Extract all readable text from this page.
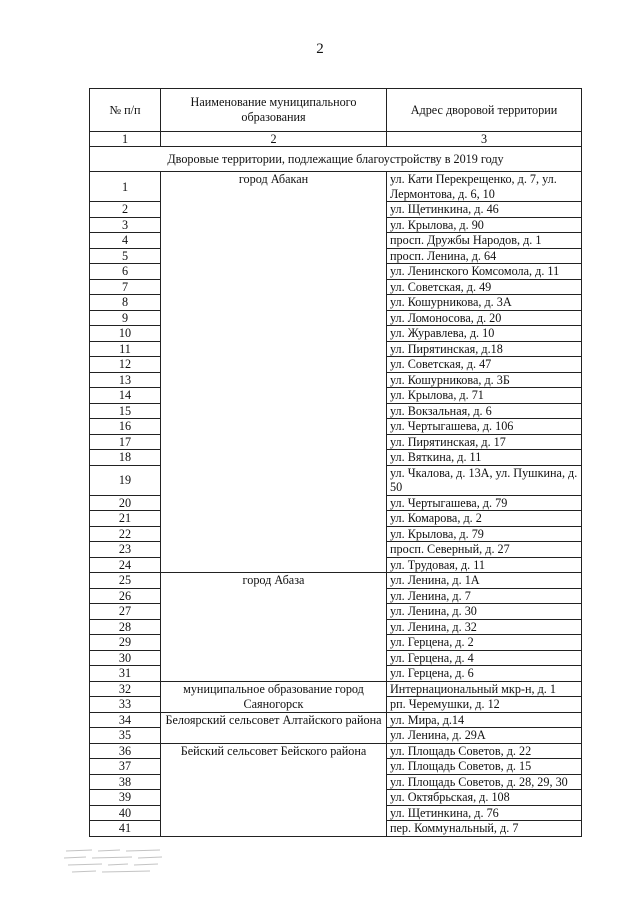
2
№ п/п	Наименование муниципального образования	Адрес дворовой территории
1	2	3
Дворовые территории, подлежащие благоустройству в 2019 году		
1	город Абакан	ул. Кати Перекрещенко, д. 7, ул. Лермонтова, д. 6, 10
2		ул. Щетинкина, д. 46
3		ул. Крылова, д. 90
4		просп. Дружбы Народов, д. 1
5		просп. Ленина, д. 64
6		ул. Ленинского Комсомола, д. 11
7		ул. Советская, д. 49
8		ул. Кошурникова, д. 3А
9		ул. Ломоносова, д. 20
10		ул. Журавлева, д. 10
11		ул. Пирятинская, д.18
12		ул. Советская, д. 47
13		ул. Кошурникова, д. 3Б
14		ул. Крылова, д. 71
15		ул. Вокзальная, д. 6
16		ул. Чертыгашева, д. 106
17		ул. Пирятинская, д. 17
18		ул. Вяткина, д. 11
19		ул. Чкалова, д. 13А, ул. Пушкина, д. 50
20		ул. Чертыгашева, д. 79
21		ул. Комарова, д. 2
22		ул. Крылова, д. 79
23		просп. Северный, д. 27
24		ул. Трудовая, д. 11
25	город Абаза	ул. Ленина, д. 1А
26		ул. Ленина, д. 7
27		ул. Ленина, д. 30
28		ул. Ленина, д. 32
29		ул. Герцена, д. 2
30		ул. Герцена, д. 4
31		ул. Герцена, д. 6
32	муниципальное образование город Саяногорск	Интернациональный мкр-н, д. 1
33		рп. Черемушки, д. 12
34	Белоярский сельсовет Алтайского района	ул. Мира, д.14
35		ул. Ленина, д. 29А
36	Бейский сельсовет Бейского района	ул. Площадь Советов, д. 22
37		ул. Площадь Советов, д. 15
38		ул. Площадь Советов, д. 28, 29, 30
39		ул. Октябрьская, д. 108
40		ул. Щетинкина, д. 76
41		пер. Коммунальный, д. 7
